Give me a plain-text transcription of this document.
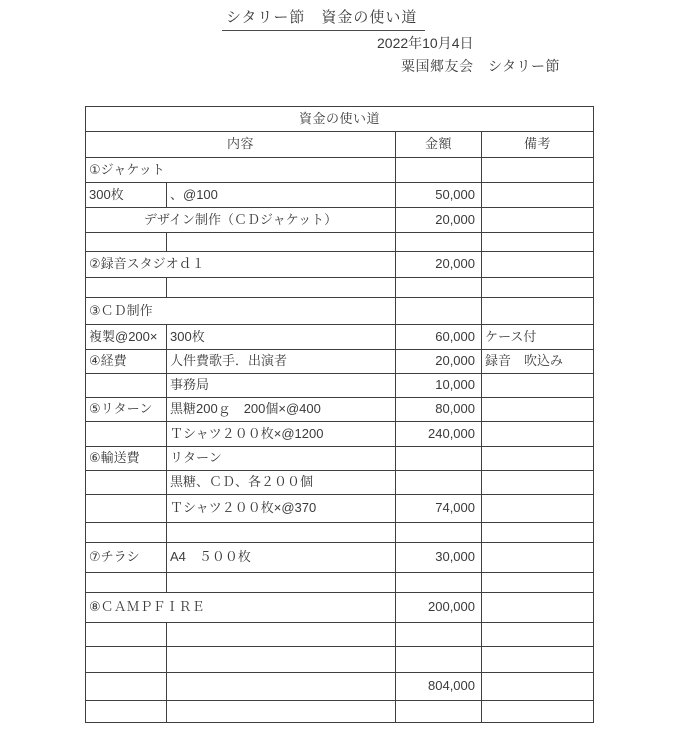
シタリー節　資金の使い道
2022年10月4日
粟国郷友会　シタリー節
資金の使い道			
内容		金額	備考
①ジャケット			
300枚	、@100	50,000	
デザイン制作（ＣＤジャケット）		20,000	

②録音スタジオｄ１		20,000	

③ＣＤ制作			
複製@200×	300枚	60,000	ケース付
④経費	人件費歌手．出演者	20,000	録音　吹込み
	事務局	10,000	
⑤リターン	黒糖200ｇ　200個×@400	80,000	
	Ｔシャツ２００枚×@1200	240,000	
⑥輸送費	リターン		
	黒糖、ＣＤ、各２００個		
	Ｔシャツ２００枚×@370	74,000	

⑦チラシ	A4　５００枚	30,000	

⑧ＣＡＭＰＦＩＲＥ		200,000	

		804,000	
